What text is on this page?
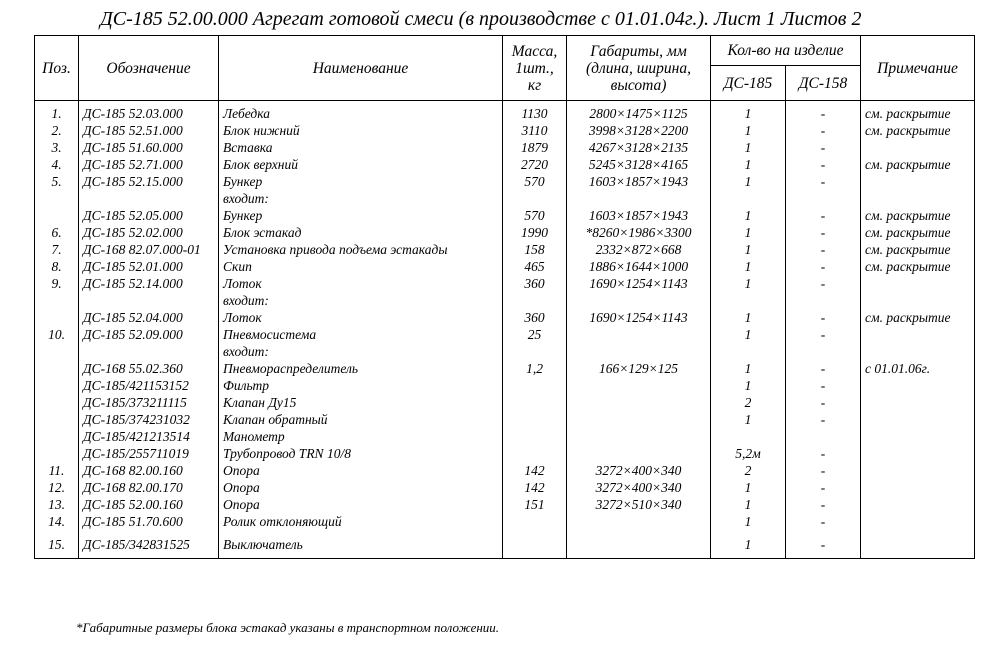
ДС-185 52.00.000 Агрегат готовой смеси (в производстве с 01.01.04г.). Лист 1 Листов 2
Поз.	Обозначение	Наименование	Масса, 1шт., кг	Габариты, мм (длина, ширина, высота)	Кол-во на изделие		Примечание
					ДС-185	ДС-158	
1.	ДС-185 52.03.000	Лебедка	1130	2800×1475×1125	1	-	см. раскрытие
2.	ДС-185 52.51.000	Блок нижний	3110	3998×3128×2200	1	-	см. раскрытие
3.	ДС-185 51.60.000	Вставка	1879	4267×3128×2135	1	-	
4.	ДС-185 52.71.000	Блок верхний	2720	5245×3128×4165	1	-	см. раскрытие
5.	ДС-185 52.15.000	Бункер	570	1603×1857×1943	1	-	
		входит:					
	ДС-185 52.05.000	Бункер	570	1603×1857×1943	1	-	см. раскрытие
6.	ДС-185 52.02.000	Блок эстакад	1990	*8260×1986×3300	1	-	см. раскрытие
7.	ДС-168 82.07.000-01	Установка привода подъема эстакады	158	2332×872×668	1	-	см. раскрытие
8.	ДС-185 52.01.000	Скип	465	1886×1644×1000	1	-	см. раскрытие
9.	ДС-185 52.14.000	Лоток	360	1690×1254×1143	1	-	
		входит:					
	ДС-185 52.04.000	Лоток	360	1690×1254×1143	1	-	см. раскрытие
10.	ДС-185 52.09.000	Пневмосистема	25		1	-	
		входит:					
	ДС-168 55.02.360	Пневмораспределитель	1,2	166×129×125	1	-	с 01.01.06г.
	ДС-185/421153152	Фильтр			1	-	
	ДС-185/373211115	Клапан Ду15			2	-	
	ДС-185/374231032	Клапан обратный			1	-	
	ДС-185/421213514	Манометр					
	ДС-185/255711019	Трубопровод TRN 10/8			5,2м	-	
11.	ДС-168 82.00.160	Опора	142	3272×400×340	2	-	
12.	ДС-168 82.00.170	Опора	142	3272×400×340	1	-	
13.	ДС-185 52.00.160	Опора	151	3272×510×340	1	-	
14.	ДС-185 51.70.600	Ролик отклоняющий			1	-	
15.	ДС-185/342831525	Выключатель			1	-	
*Габаритные размеры блока эстакад указаны в транспортном положении.
